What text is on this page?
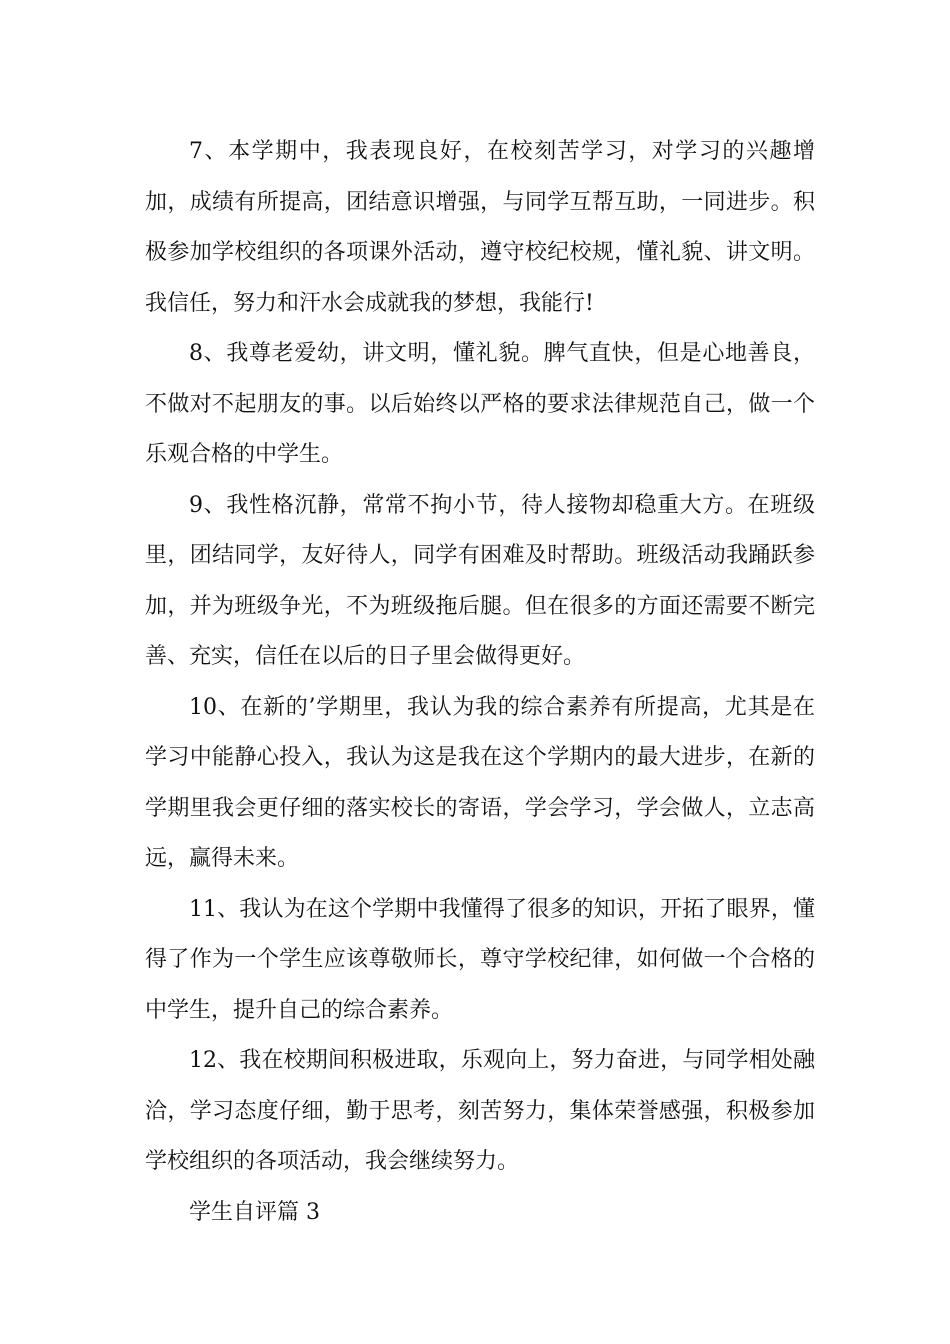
7、本学期中，我表现良好，在校刻苦学习，对学习的兴趣增加，成绩有所提高，团结意识增强，与同学互帮互助，一同进步。积极参加学校组织的各项课外活动，遵守校纪校规，懂礼貌、讲文明。我信任，努力和汗水会成就我的梦想，我能行!

8、我尊老爱幼，讲文明，懂礼貌。脾气直快，但是心地善良，不做对不起朋友的事。以后始终以严格的要求法律规范自己，做一个乐观合格的中学生。

9、我性格沉静，常常不拘小节，待人接物却稳重大方。在班级里，团结同学，友好待人，同学有困难及时帮助。班级活动我踊跃参加，并为班级争光，不为班级拖后腿。但在很多的方面还需要不断完善、充实，信任在以后的日子里会做得更好。

10、在新的’学期里，我认为我的综合素养有所提高，尤其是在学习中能静心投入，我认为这是我在这个学期内的最大进步，在新的学期里我会更仔细的落实校长的寄语，学会学习，学会做人，立志高远，赢得未来。

11、我认为在这个学期中我懂得了很多的知识，开拓了眼界，懂得了作为一个学生应该尊敬师长，尊守学校纪律，如何做一个合格的中学生，提升自己的综合素养。

12、我在校期间积极进取，乐观向上，努力奋进，与同学相处融洽，学习态度仔细，勤于思考，刻苦努力，集体荣誉感强，积极参加学校组织的各项活动，我会继续努力。

学生自评篇 3
